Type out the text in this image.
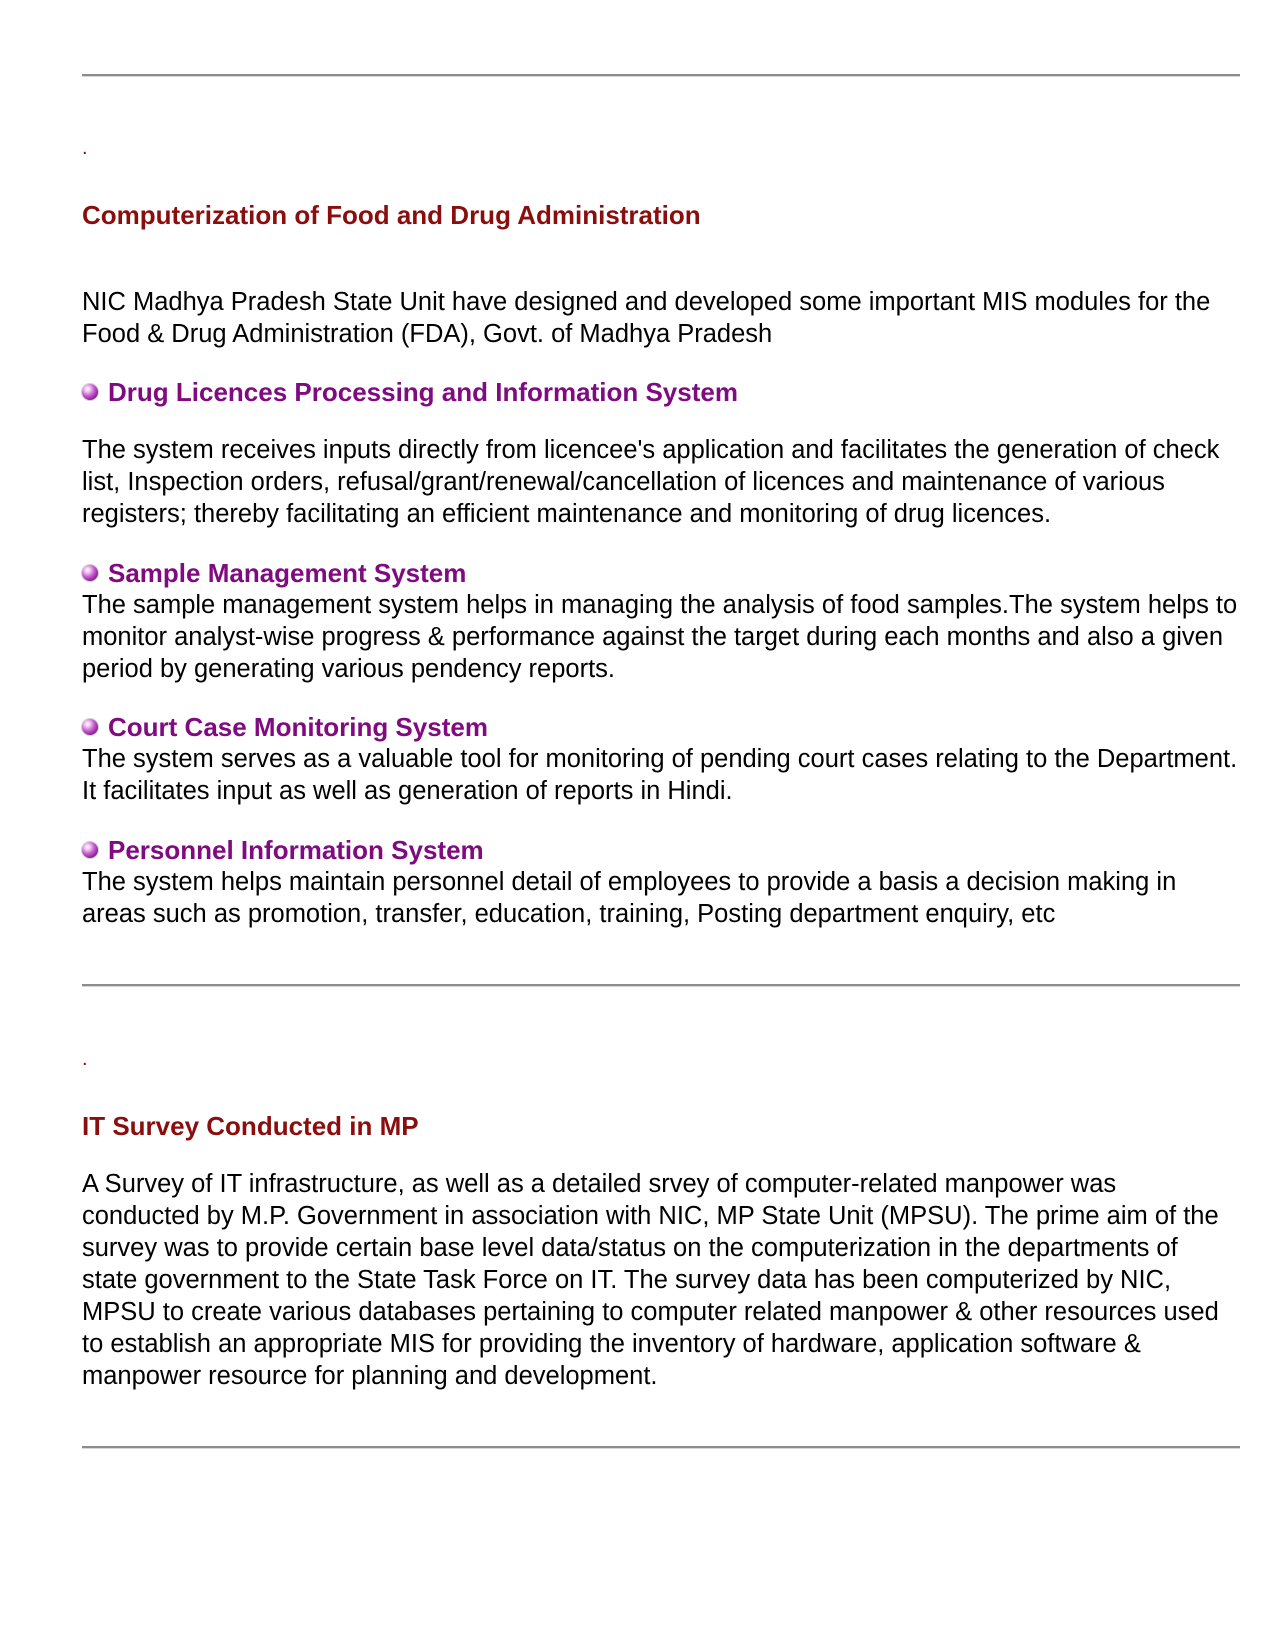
.
Computerization of Food and Drug Administration

NIC Madhya Pradesh State Unit have designed and developed some important MIS modules for the Food & Drug Administration (FDA), Govt. of Madhya Pradesh

Drug Licences Processing and Information System

The system receives inputs directly from licencee's application and facilitates the generation of check list, Inspection orders, refusal/grant/renewal/cancellation of licences and maintenance of various registers; thereby facilitating an efficient maintenance and monitoring of drug licences.

Sample Management System

The sample management system helps in managing the analysis of food samples.The system helps to monitor analyst-wise progress & performance against the target during each months and also a given period by generating various pendency reports.

Court Case Monitoring System

The system serves as a valuable tool for monitoring of pending court cases relating to the Department. It facilitates input as well as generation of reports in Hindi.

Personnel Information System

The system helps maintain personnel detail of employees to provide a basis a decision making in areas such as promotion, transfer, education, training, Posting department enquiry, etc

.
IT Survey Conducted in MP

A Survey of IT infrastructure, as well as a detailed srvey of computer-related manpower was conducted by M.P. Government in association with NIC, MP State Unit (MPSU). The prime aim of the survey was to provide certain base level data/status on the computerization in the departments of state government to the State Task Force on IT. The survey data has been computerized by NIC, MPSU to create various databases pertaining to computer related manpower & other resources used to establish an appropriate MIS for providing the inventory of hardware, application software & manpower resource for planning and development.
